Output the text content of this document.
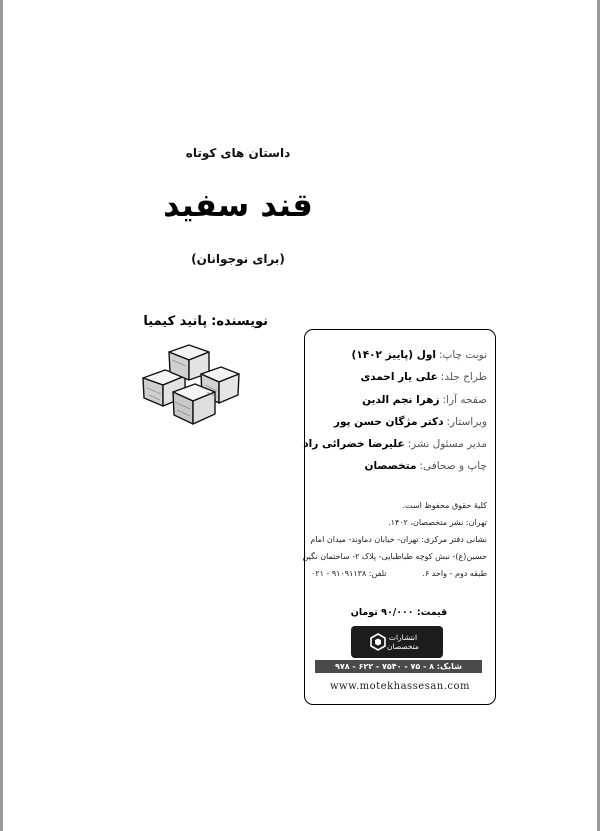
داستان های کوتاه
قند سفید
(برای نوجوانان)
نویسنده:پانید کیمیا
نوبت چاپ:اول (پاییز ۱۴۰۲)
طراح جلد:علی یار احمدی
صفحه آرا:زهرا نجم الدین
ویراستار:دکتر مژگان حسن پور
مدیر مسئول نشر:علیرضا خضرائی راد
چاپ و صحافی:متخصصان
کلیهٔ حقوق محفوظ است.
تهران: نشر متخصصان، ۱۴۰۲.
نشانی دفتر مرکزی: تهران- خیابان دماوند- میدان امام
حسین(ع)- نبش کوچه طباطبایی- پلاک ۲- ساختمان نگین
طبقه دوم - واحد ۶.
تلفن: ۹۱۰۹۱۱۳۸ - ۰۲۱
قیمت: ۹۰/۰۰۰ تومان
انتشارات
متخصصان
شابک: ۸ - ۷۵ - ۷۵۴۰ - ۶۲۲ - ۹۷۸
www.motekhassesan.com
